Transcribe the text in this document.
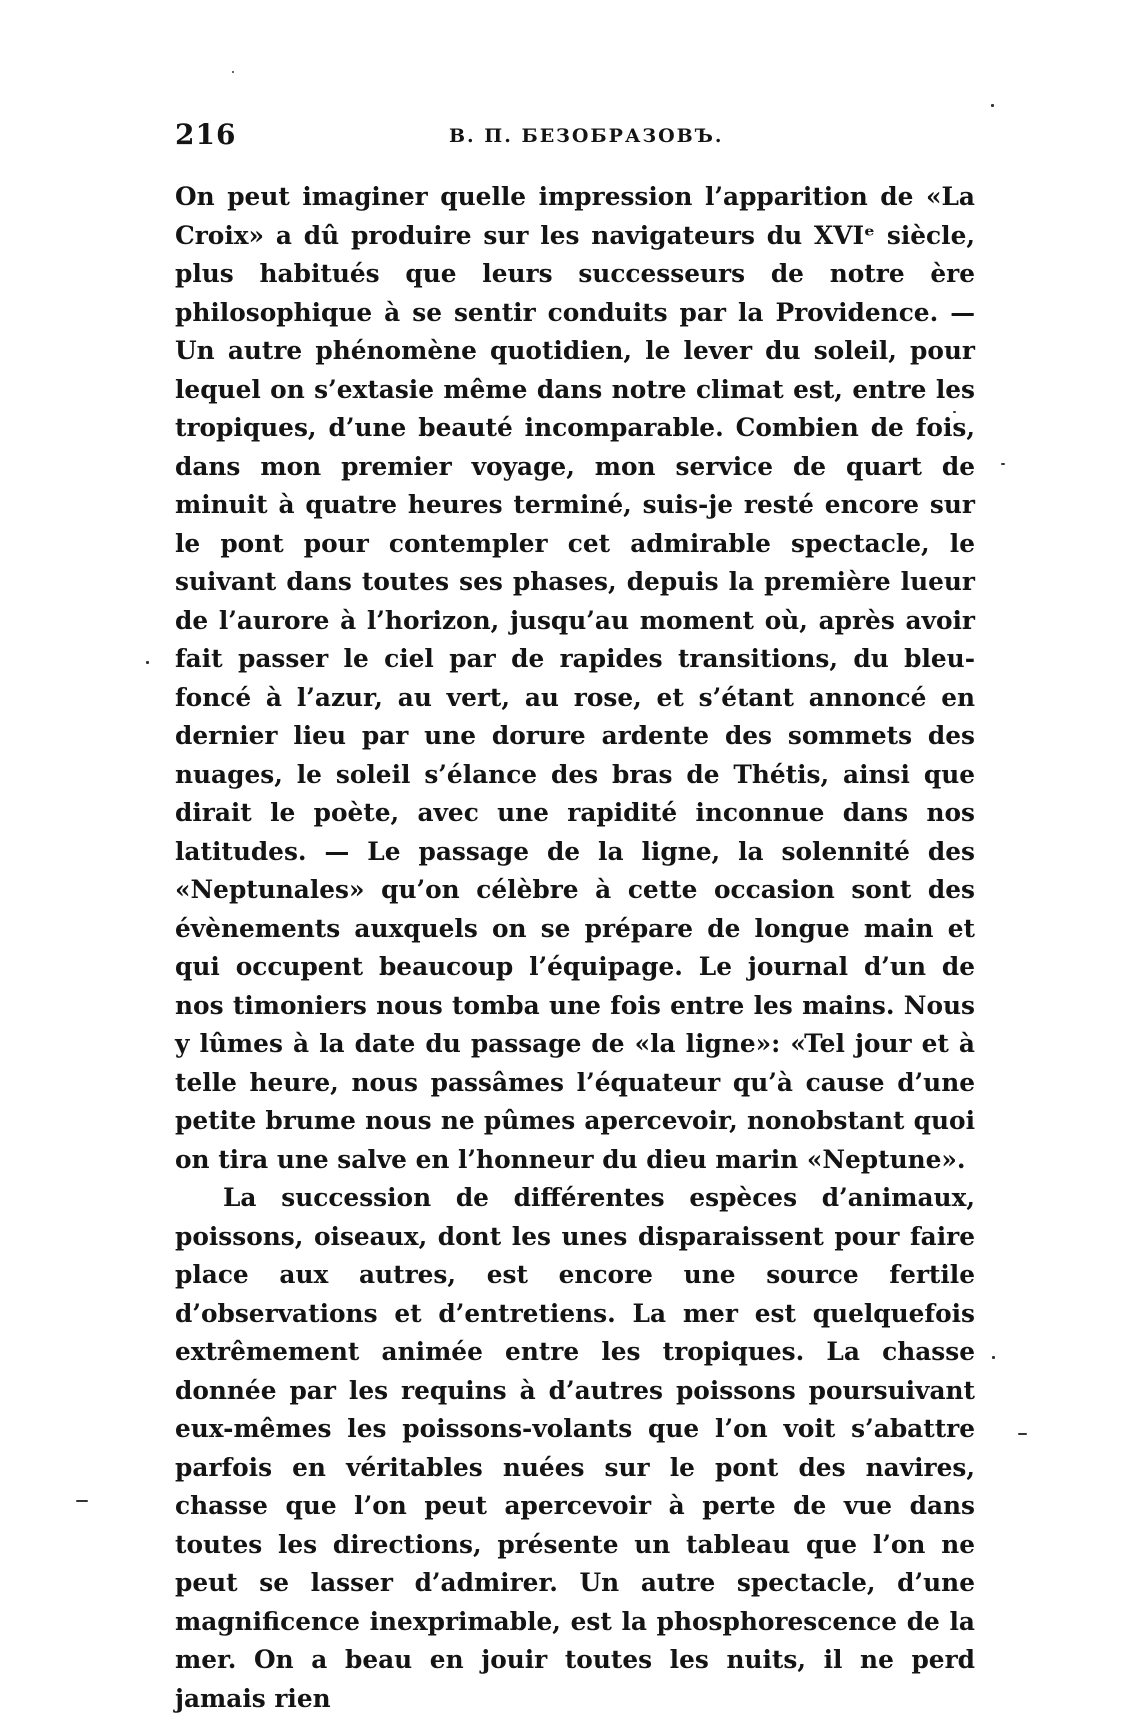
216	В. П. БЕЗОБРАЗОВЪ.

On peut imaginer quelle impression l’apparition de «La Croix» a dû produire sur les navigateurs du XVIᵉ siècle, plus habitués que leurs successeurs de notre ère philosophique à se sentir conduits par la Providence. — Un autre phénomène quotidien, le lever du soleil, pour lequel on s’extasie même dans notre climat est, entre les tropiques, d’une beauté incomparable. Combien de fois, dans mon premier voyage, mon service de quart de minuit à quatre heures terminé, suis-je resté encore sur le pont pour contempler cet admirable spectacle, le suivant dans toutes ses phases, depuis la première lueur de l’aurore à l’horizon, jusqu’au moment où, après avoir fait passer le ciel par de rapides transitions, du bleu-foncé à l’azur, au vert, au rose, et s’étant annoncé en dernier lieu par une dorure ardente des sommets des nuages, le soleil s’élance des bras de Thétis, ainsi que dirait le poète, avec une rapidité inconnue dans nos latitudes. — Le passage de la ligne, la solennité des «Neptunales» qu’on célèbre à cette occasion sont des évènements auxquels on se prépare de longue main et qui occupent beaucoup l’équipage. Le journal d’un de nos timoniers nous tomba une fois entre les mains. Nous y lûmes à la date du passage de «la ligne»: «Tel jour et à telle heure, nous passâmes l’équateur qu’à cause d’une petite brume nous ne pûmes apercevoir, nonobstant quoi on tira une salve en l’honneur du dieu marin «Neptune».

La succession de différentes espèces d’animaux, poissons, oiseaux, dont les unes disparaissent pour faire place aux autres, est encore une source fertile d’observations et d’entretiens. La mer est quelquefois extrêmement animée entre les tropiques. La chasse donnée par les requins à d’autres poissons poursuivant eux-mêmes les poissons-volants que l’on voit s’abattre parfois en véritables nuées sur le pont des navires, chasse que l’on peut apercevoir à perte de vue dans toutes les directions, présente un tableau que l’on ne peut se lasser d’admirer. Un autre spectacle, d’une magnificence inexprimable, est la phosphorescence de la mer. On a beau en jouir toutes les nuits, il ne perd jamais rien
